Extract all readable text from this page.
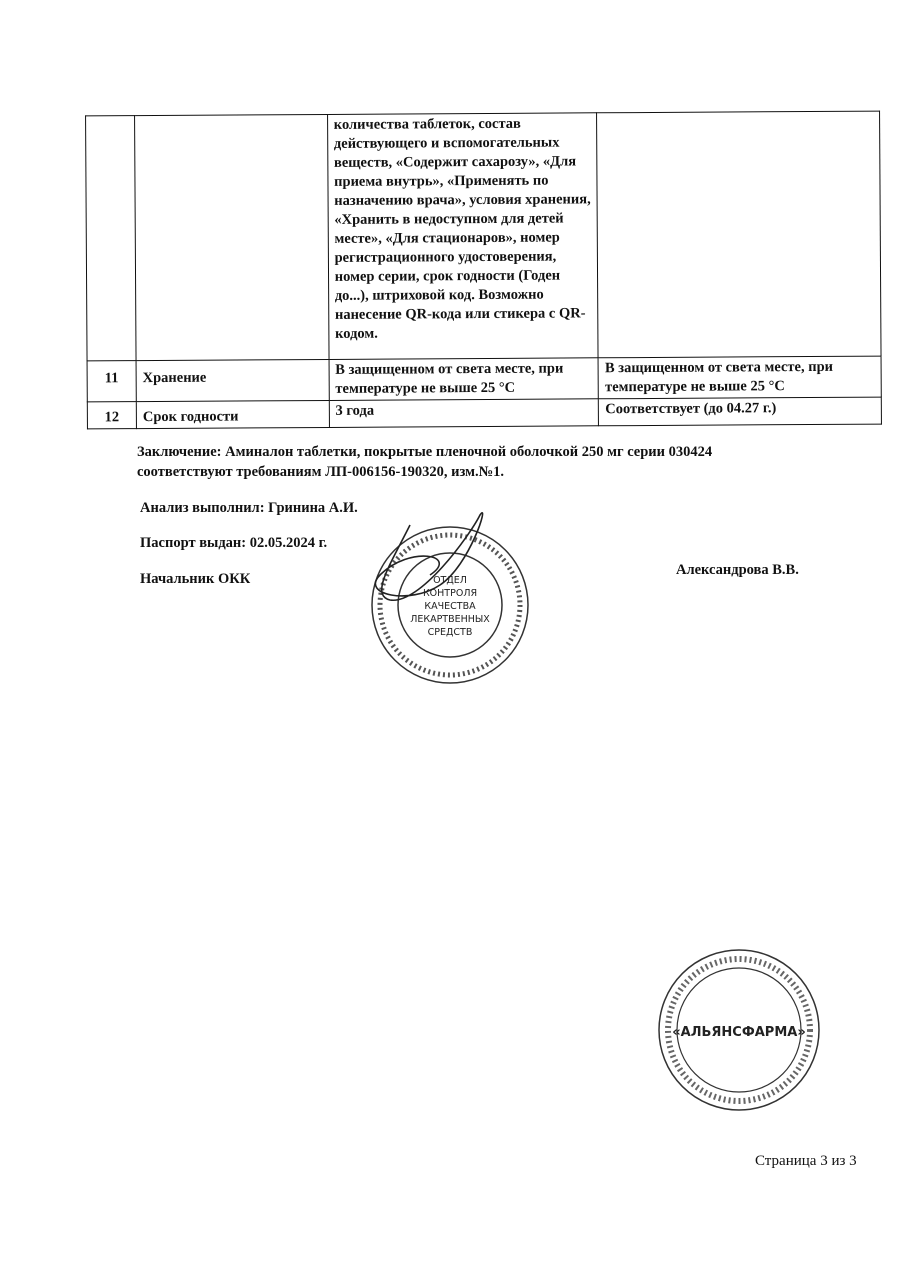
		количества таблеток, состав действующего и вспомогательных веществ, «Содержит сахарозу», «Для приема внутрь», «Применять по назначению врача», условия хранения, «Хранить в недоступном для детей месте», «Для стационаров», номер регистрационного удостоверения, номер серии, срок годности (Годен до...), штриховой код. Возможно нанесение QR-кода или стикера с QR-кодом.	
11	Хранение	В защищенном от света месте, при температуре не выше 25 °С	В защищенном от света месте, при температуре не выше 25 °С
12	Срок годности	3 года	Соответствует (до 04.27 г.)
Заключение: Аминалон таблетки, покрытые пленочной оболочкой 250 мг серии 030424
соответствуют требованиям ЛП-006156-190320, изм.№1.
Анализ выполнил: Гринина А.И.
Паспорт выдан: 02.05.2024 г.
Начальник ОКК
Александрова В.В.
ОТДЕЛ
КОНТРОЛЯ
КАЧЕСТВА
ЛЕКАРТВЕННЫХ
СРЕДСТВ
«АЛЬЯНСФАРМА»
Страница 3 из 3
